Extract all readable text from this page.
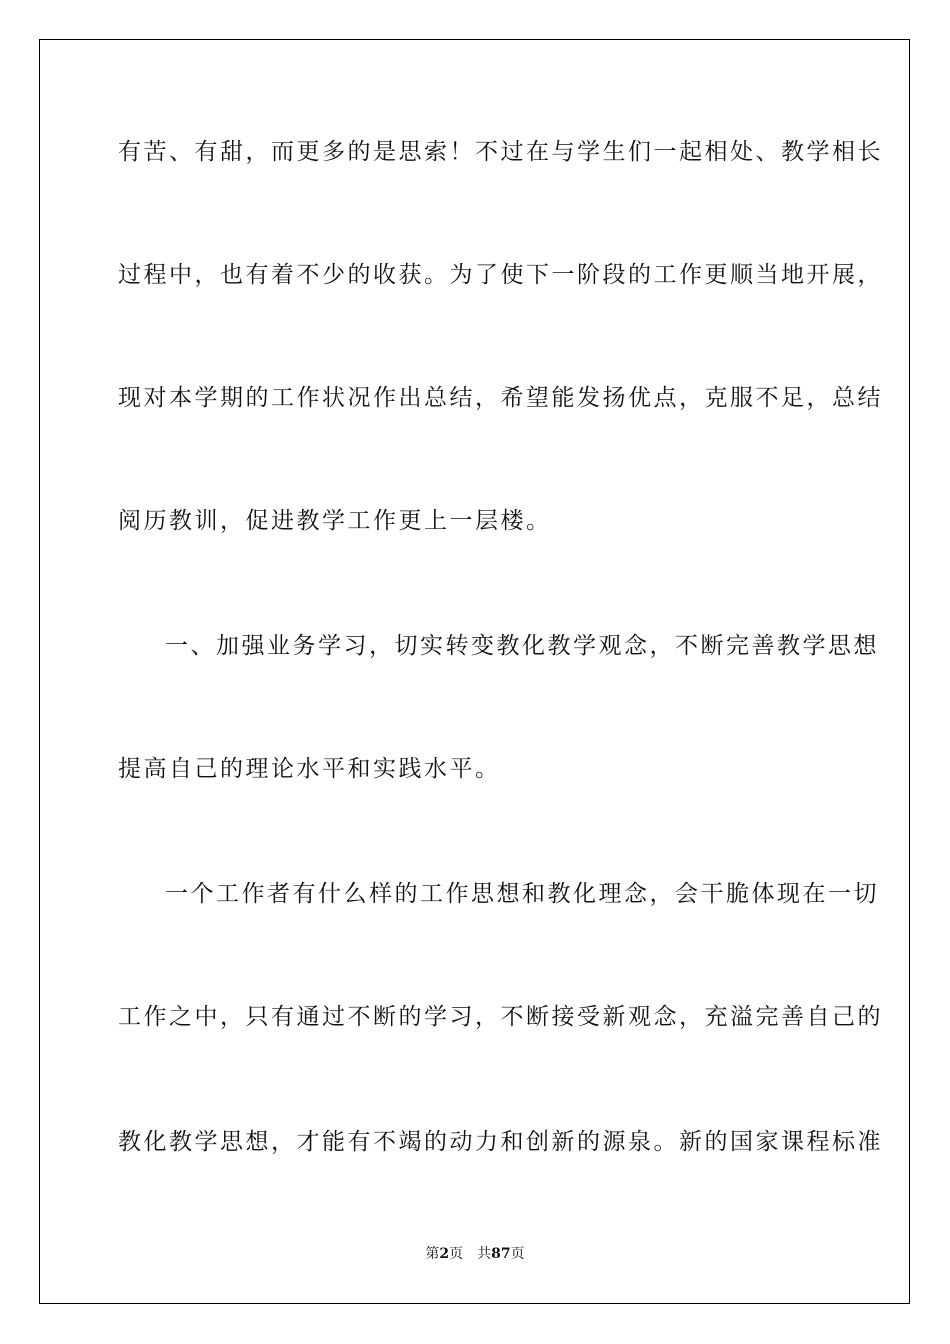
有苦、有甜，而更多的是思索！不过在与学生们一起相处、教学相长
过程中，也有着不少的收获。为了使下一阶段的工作更顺当地开展，
现对本学期的工作状况作出总结，希望能发扬优点，克服不足，总结
阅历教训，促进教学工作更上一层楼。
一、加强业务学习，切实转变教化教学观念，不断完善教学思想
提高自己的理论水平和实践水平。
一个工作者有什么样的工作思想和教化理念，会干脆体现在一切
工作之中，只有通过不断的学习，不断接受新观念，充溢完善自己的
教化教学思想，才能有不竭的动力和创新的源泉。新的国家课程标准
第2页 共87页
